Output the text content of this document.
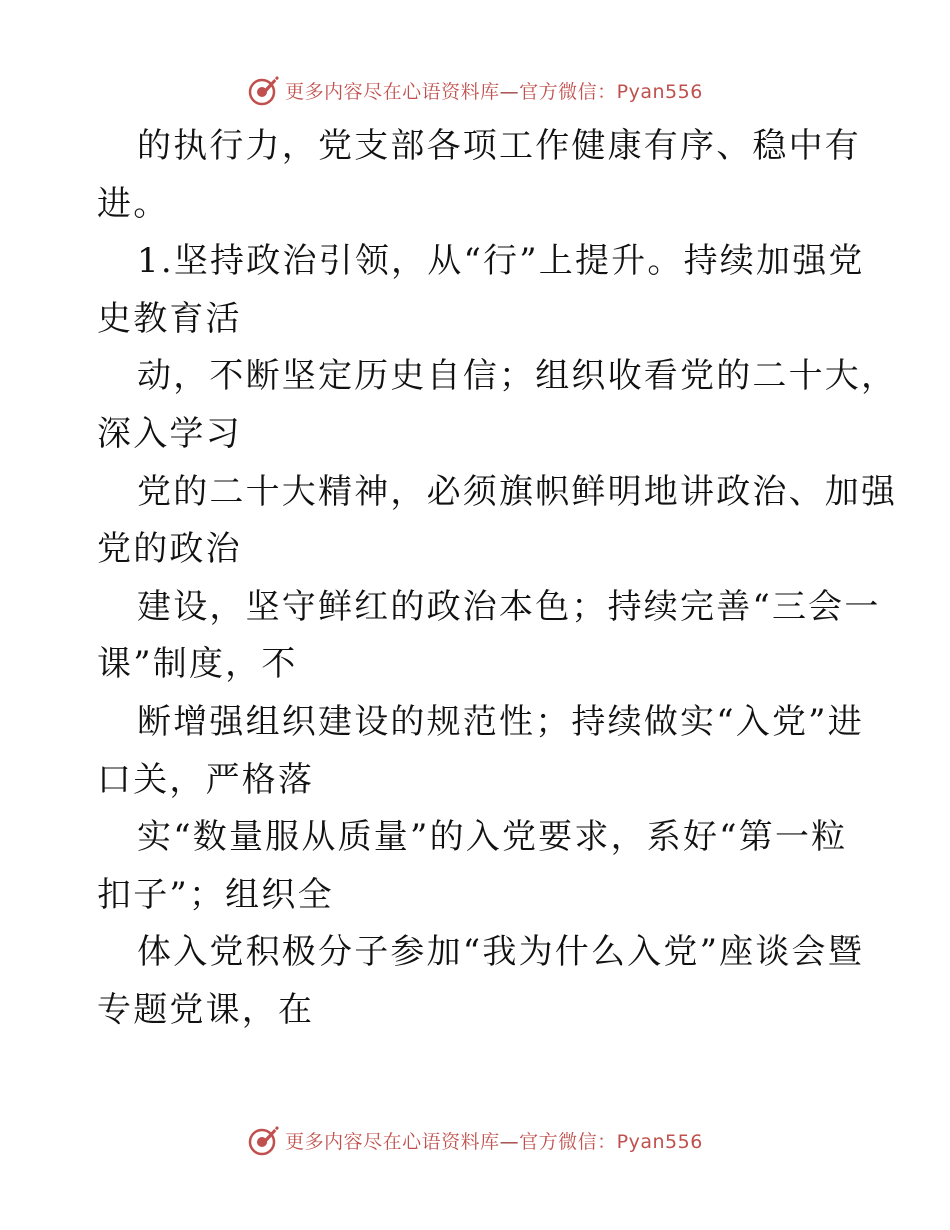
更多内容尽在心语资料库—官方微信：Pyan556
的执行力，党支部各项工作健康有序、稳中有
进。
1.坚持政治引领，从“行”上提升。持续加强党
史教育活
动，不断坚定历史自信；组织收看党的二十大，
深入学习
党的二十大精神，必须旗帜鲜明地讲政治、加强
党的政治
建设，坚守鲜红的政治本色；持续完善“三会一
课”制度，不
断增强组织建设的规范性；持续做实“入党”进
口关，严格落
实“数量服从质量”的入党要求，系好“第一粒
扣子”；组织全
体入党积极分子参加“我为什么入党”座谈会暨
专题党课，在
更多内容尽在心语资料库—官方微信：Pyan556
